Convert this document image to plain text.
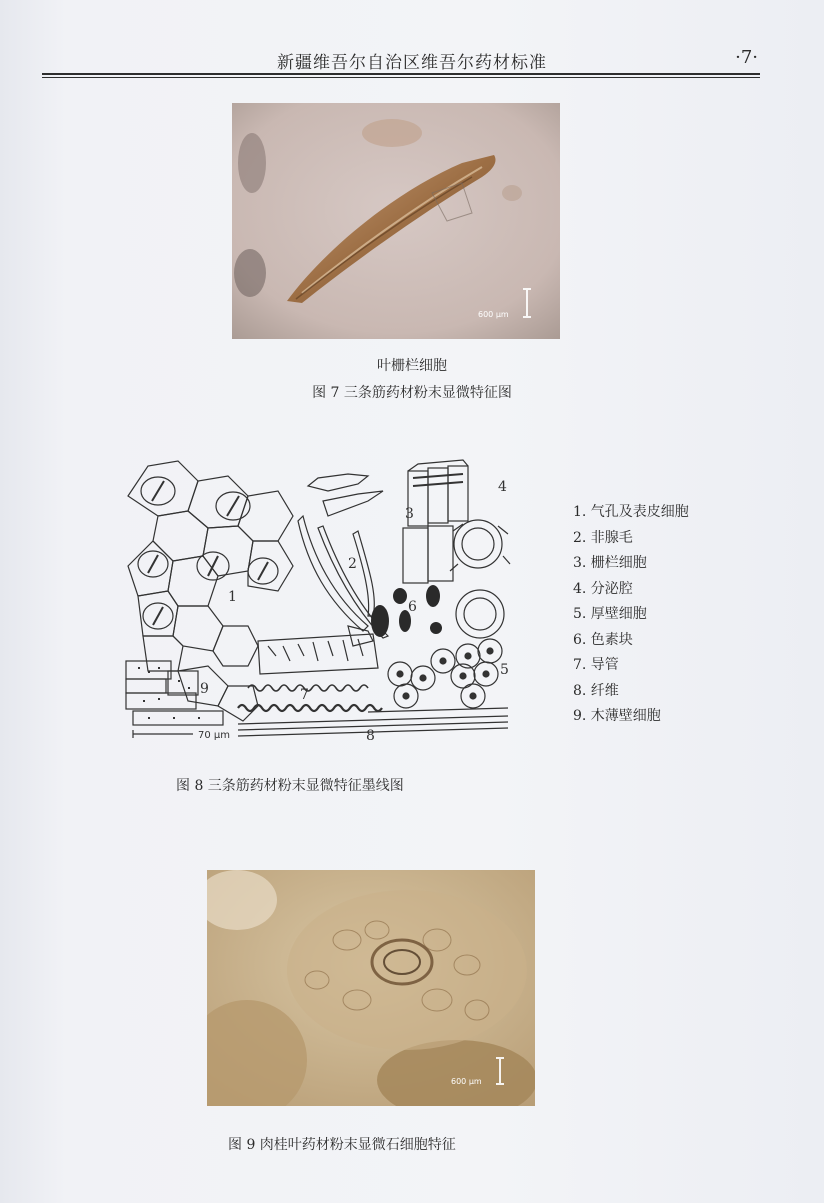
新疆维吾尔自治区维吾尔药材标准	·7·
600 μm
叶栅栏细胞
图 7 三条筋药材粉末显微特征图
1
2
3
4
6
5
7
8
9
70 μm
1. 气孔及表皮细胞
2. 非腺毛
3. 栅栏细胞
4. 分泌腔
5. 厚壁细胞
6. 色素块
7. 导管
8. 纤维
9. 木薄壁细胞
图 8 三条筋药材粉末显微特征墨线图
600 μm
图 9 肉桂叶药材粉末显微石细胞特征
